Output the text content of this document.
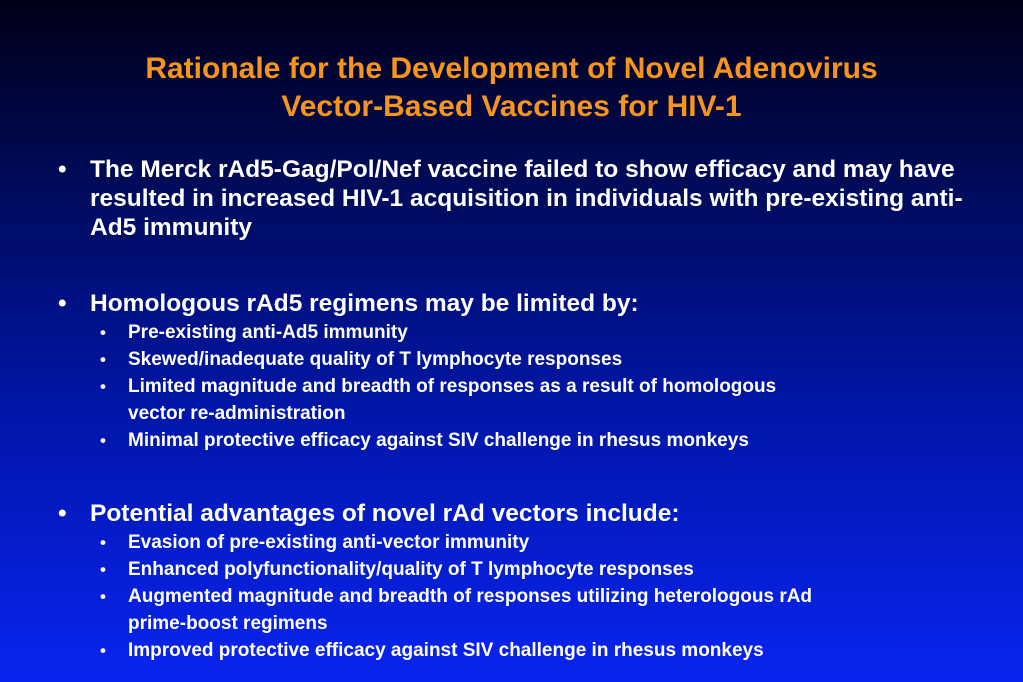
Rationale for the Development of Novel Adenovirus
Vector-Based Vaccines for HIV-1
• The Merck rAd5-Gag/Pol/Nef vaccine failed to show efficacy and may have resulted in increased HIV-1 acquisition in individuals with pre-existing anti-Ad5 immunity
• Homologous rAd5 regimens may be limited by:
• Pre-existing anti-Ad5 immunity
• Skewed/inadequate quality of T lymphocyte responses
• Limited magnitude and breadth of responses as a result of homologous vector re-administration
• Minimal protective efficacy against SIV challenge in rhesus monkeys
• Potential advantages of novel rAd vectors include:
• Evasion of pre-existing anti-vector immunity
• Enhanced polyfunctionality/quality of T lymphocyte responses
• Augmented magnitude and breadth of responses utilizing heterologous rAd prime-boost regimens
• Improved protective efficacy against SIV challenge in rhesus monkeys
